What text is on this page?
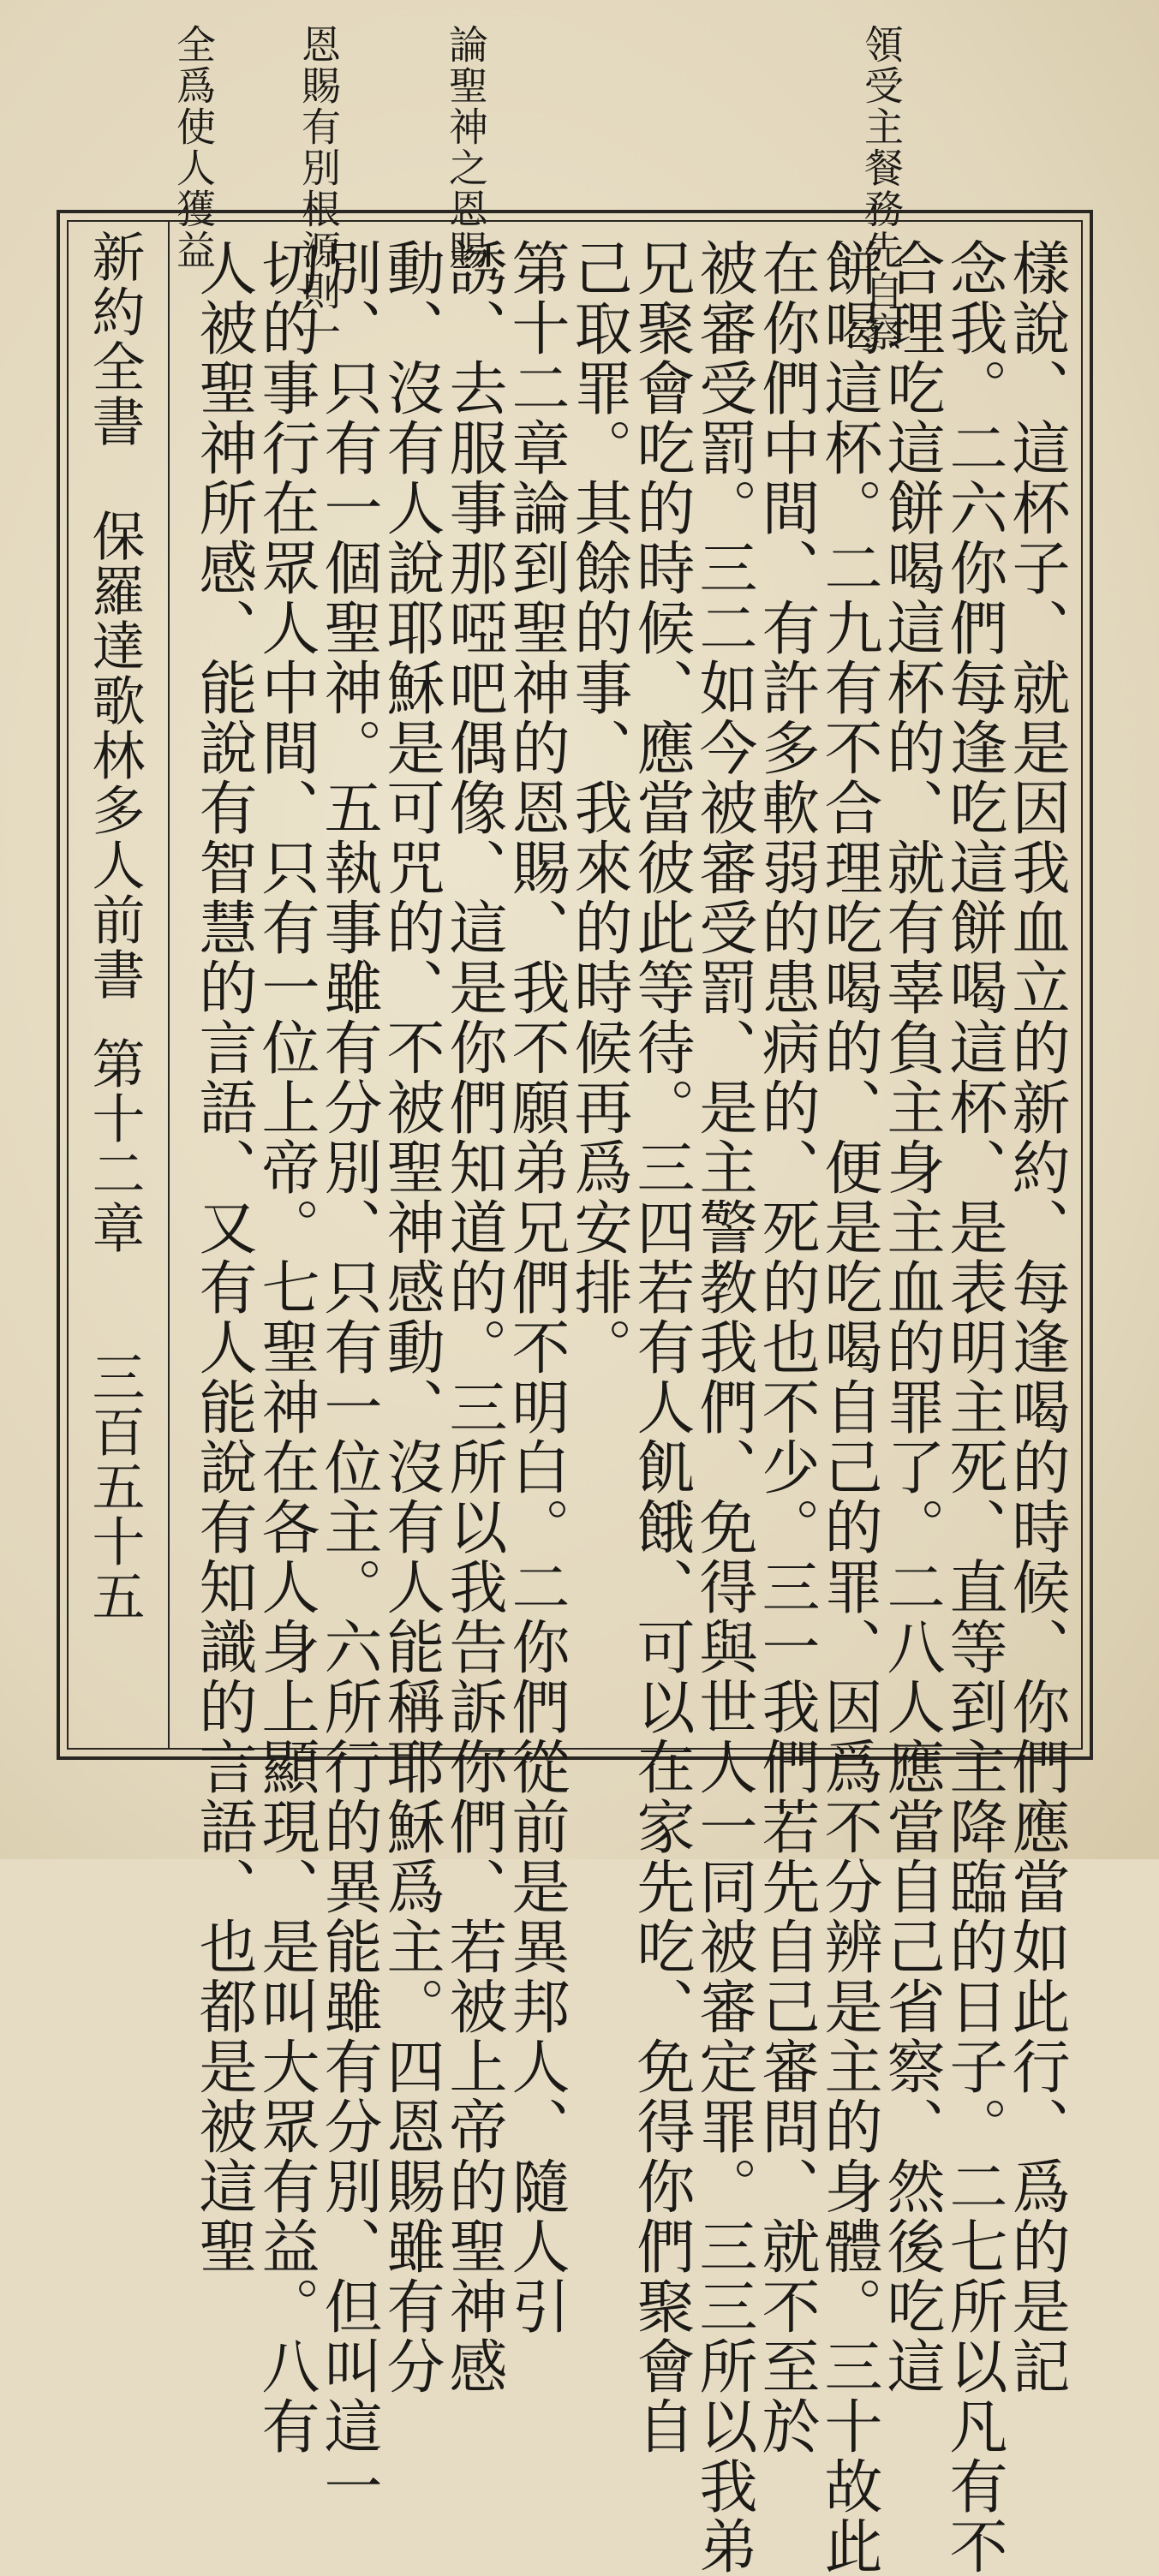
領受主餐務先自察
論聖神之恩賜
恩賜有別根源則一
全爲使人獲益
樣說、這杯子、就是因我血立的新約、每逢喝的時候、你們應當如此行、爲的是記
念我。二六你們每逢吃這餅喝這杯、是表明主死、直等到主降臨的日子。二七所以凡有不
合理吃這餅喝這杯的、就有辜負主身主血的罪了。二八人應當自己省察、然後吃這
餅喝這杯。二九有不合理吃喝的、便是吃喝自己的罪、因爲不分辨是主的身體。三十故此
在你們中間、有許多軟弱的患病的、死的也不少。三一我們若先自己審問、就不至於
被審受罰。三二如今被審受罰、是主警教我們、免得與世人一同被審定罪。三三所以我弟
兄聚會吃的時候、應當彼此等待。三四若有人飢餓、可以在家先吃、免得你們聚會自
己取罪。其餘的事、我來的時候再爲安排。
第十二章論到聖神的恩賜、我不願弟兄們不明白。二你們從前是異邦人、隨人引
誘、去服事那啞吧偶像、這是你們知道的。三所以我告訴你們、若被上帝的聖神感
動、沒有人說耶穌是可咒的、不被聖神感動、沒有人能稱耶穌爲主。四恩賜雖有分
別、只有一個聖神。五執事雖有分別、只有一位主。六所行的異能雖有分別、但叫這一
切的事行在眾人中間、只有一位上帝。七聖神在各人身上顯現、是叫大眾有益。八有
人被聖神所感、能說有智慧的言語、又有人能說有知識的言語、也都是被這聖
新約全書保羅達歌林多人前書第十二章三百五十五
